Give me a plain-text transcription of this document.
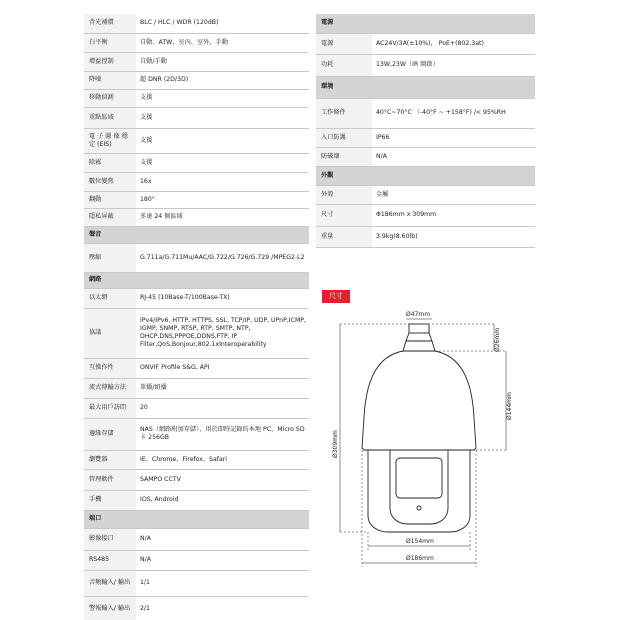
背光補償	BLC / HLC / WDR (120dB)
白平衡	自動、ATW、室內、室外、手動
增益控制	自動/手動
降噪	超 DNR (2D/3D)
移動偵測	支援
重點區域	支援
電 子 圖 像 穩 定 (EIS)	支援
除霧	支援
數位變焦	16x
翻動	180°
隱私屏蔽	多達 24 個區域
聲音	
壓縮	G.711a/G.711Mu/AAC/G.722/G.726/G.729 /MPEG2-L2
網路	
以太網	RJ-45 (10Base-T/100Base-TX)
協議	IPv4/IPv6, HTTP, HTTPS, SSL, TCP/IP, UDP, UPnP,ICMP, IGMP, SNMP, RTSP, RTP, SMTP, NTP, DHCP,DNS,PPPOE,DDNS,FTP, IP Filter,QoS,Bonjour,802.1xInteroperability
互操作性	ONVIF Profile S&G, API
流式傳輸方法	單播/組播
最大用戶訪問	20
邊緣存儲	NAS（網路附加存儲），用於即時記錄的本地 PC，Micro SD 卡 256GB
瀏覽器	IE、Chrome、Firefox、Safari
管理軟件	SAMPO CCTV
手機	IOS, Android
端口	
影像接口	N/A
RS485	N/A
音頻輸入/ 輸出	1/1
警報輸入/ 輸出	2/1
電源	
電源	AC24V/3A(±10%)， PoE+(802.3at)
功耗	13W,23W（IR 開啟）
環境	
工作條件	40°C~70°C （-40°F ~ +158°F) /< 95%RH
入口防護	IP66
防破壞	N/A
外觀	
外殼	金屬
尺寸	Φ186mm x 309mm
重量	3.9kg(8.60lb)
尺寸
Ø47mm
Ø26mm
Ø144mm
Ø309mm
Ø154mm
Ø186mm
